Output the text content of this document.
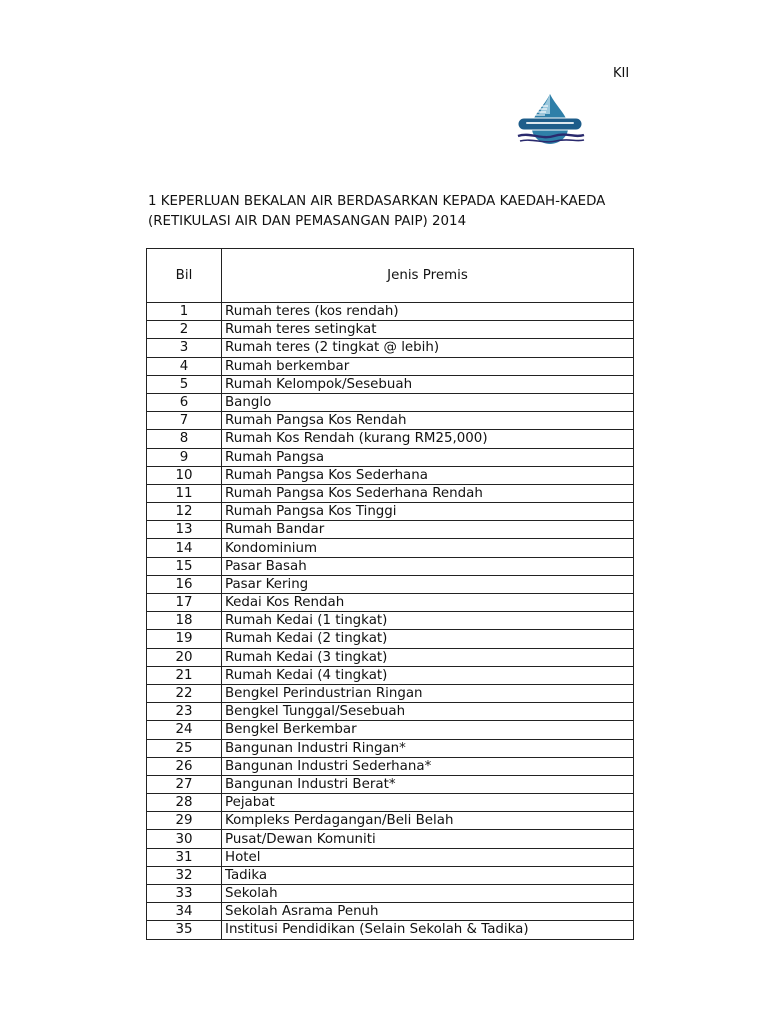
KII
1 KEPERLUAN BEKALAN AIR BERDASARKAN KEPADA KAEDAH-KAEDA
(RETIKULASI AIR DAN PEMASANGAN PAIP) 2014
Bil	Jenis Premis
1	Rumah teres (kos rendah)
2	Rumah teres setingkat
3	Rumah teres (2 tingkat @ lebih)
4	Rumah berkembar
5	Rumah Kelompok/Sesebuah
6	Banglo
7	Rumah Pangsa Kos Rendah
8	Rumah Kos Rendah (kurang RM25,000)
9	Rumah Pangsa
10	Rumah Pangsa Kos Sederhana
11	Rumah Pangsa Kos Sederhana Rendah
12	Rumah Pangsa Kos Tinggi
13	Rumah Bandar
14	Kondominium
15	Pasar Basah
16	Pasar Kering
17	Kedai Kos Rendah
18	Rumah Kedai (1 tingkat)
19	Rumah Kedai (2 tingkat)
20	Rumah Kedai (3 tingkat)
21	Rumah Kedai (4 tingkat)
22	Bengkel Perindustrian Ringan
23	Bengkel Tunggal/Sesebuah
24	Bengkel Berkembar
25	Bangunan Industri Ringan*
26	Bangunan Industri Sederhana*
27	Bangunan Industri Berat*
28	Pejabat
29	Kompleks Perdagangan/Beli Belah
30	Pusat/Dewan Komuniti
31	Hotel
32	Tadika
33	Sekolah
34	Sekolah Asrama Penuh
35	Institusi Pendidikan (Selain Sekolah & Tadika)
